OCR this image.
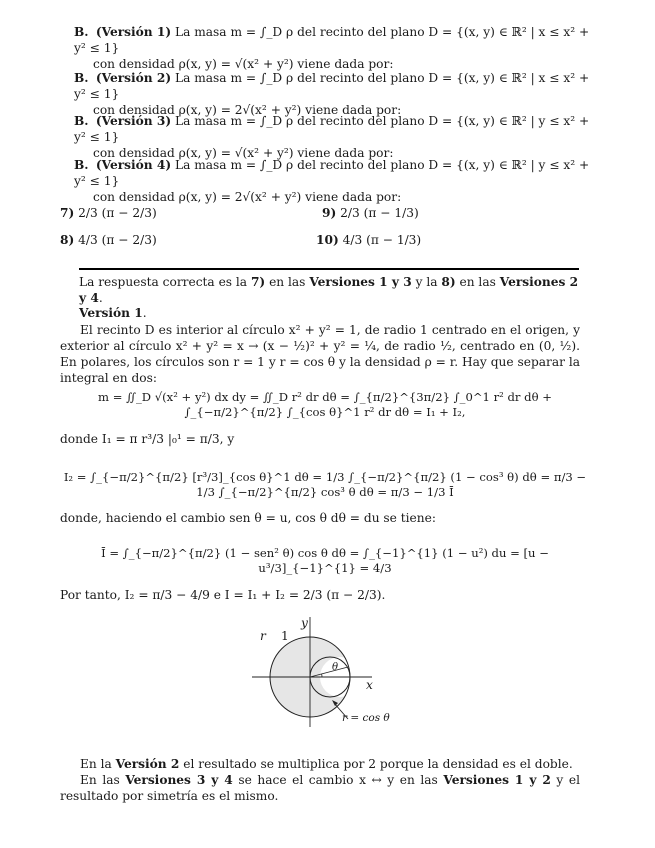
B. (Versión 1) La masa m = ∫_D ρ del recinto del plano D = {(x, y) ∈ ℝ² | x ≤ x² + y² ≤ 1}
con densidad ρ(x, y) = √(x² + y²) viene dada por:
B. (Versión 2) La masa m = ∫_D ρ del recinto del plano D = {(x, y) ∈ ℝ² | x ≤ x² + y² ≤ 1}
con densidad ρ(x, y) = 2√(x² + y²) viene dada por:
B. (Versión 3) La masa m = ∫_D ρ del recinto del plano D = {(x, y) ∈ ℝ² | y ≤ x² + y² ≤ 1}
con densidad ρ(x, y) = √(x² + y²) viene dada por:
B. (Versión 4) La masa m = ∫_D ρ del recinto del plano D = {(x, y) ∈ ℝ² | y ≤ x² + y² ≤ 1}
con densidad ρ(x, y) = 2√(x² + y²) viene dada por:
7) 2/3 (π − 2/3)	9) 2/3 (π − 1/3)
8) 4/3 (π − 2/3)	10) 4/3 (π − 1/3)
La respuesta correcta es la 7) en las Versiones 1 y 3 y la 8) en las Versiones 2 y 4.
Versión 1.
El recinto D es interior al círculo x² + y² = 1, de radio 1 centrado en el origen, y exterior al círculo x² + y² = x → (x − ½)² + y² = ¼, de radio ½, centrado en (0, ½). En polares, los círculos son r = 1 y r = cos θ y la densidad ρ = r. Hay que separar la integral en dos:
m = ∬_D √(x² + y²) dx dy = ∬_D r² dr dθ = ∫_{π/2}^{3π/2} ∫_0^1 r² dr dθ + ∫_{−π/2}^{π/2} ∫_{cos θ}^1 r² dr dθ = I₁ + I₂,
donde I₁ = π r³/3 |₀¹ = π/3, y
I₂ = ∫_{−π/2}^{π/2} [r³/3]_{cos θ}^1 dθ = 1/3 ∫_{−π/2}^{π/2} (1 − cos³ θ) dθ = π/3 − 1/3 ∫_{−π/2}^{π/2} cos³ θ dθ = π/3 − 1/3 Ī
donde, haciendo el cambio sen θ = u, cos θ dθ = du se tiene:
Ī = ∫_{−π/2}^{π/2} (1 − sen² θ) cos θ dθ = ∫_{−1}^{1} (1 − u²) du = [u − u³/3]_{−1}^{1} = 4/3
Por tanto, I₂ = π/3 − 4/9 e I = I₁ + I₂ = 2/3 (π − 2/3).
y
x
r 1
θ
r = cos θ
En la Versión 2 el resultado se multiplica por 2 porque la densidad es el doble.
En las Versiones 3 y 4 se hace el cambio x ↔ y en las Versiones 1 y 2 y el resultado por simetría es el mismo.
